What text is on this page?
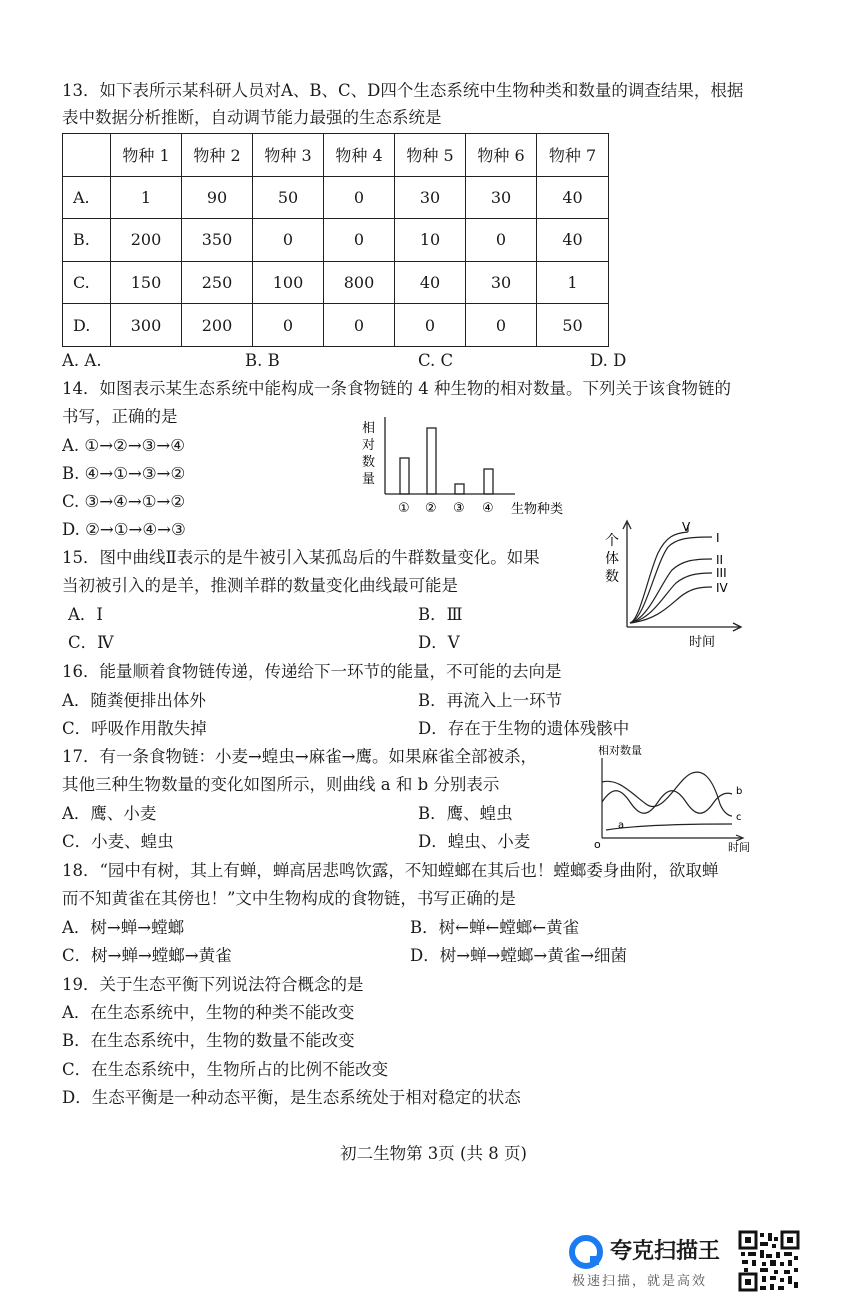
13．如下表所示某科研人员对A、B、C、D四个生态系统中生物种类和数量的调查结果，根据
表中数据分析推断，自动调节能力最强的生态系统是
	物种 1	物种 2	物种 3	物种 4	物种 5	物种 6	物种 7
A.	1	90	50	0	30	30	40
B.	200	350	0	0	10	0	40
C.	150	250	100	800	40	30	1
D.	300	200	0	0	0	0	50
A. A.	B. B	C. C	D. D
14．如图表示某生态系统中能构成一条食物链的 4 种生物的相对数量。下列关于该食物链的
书写，正确的是
A. ①→②→③→④
B. ④→①→③→②
C. ③→④→①→②
D. ②→①→④→③
相
对
数
量
① ② ③ ④ 生物种类
15．图中曲线Ⅱ表示的是牛被引入某孤岛后的牛群数量变化。如果
当初被引入的是羊，推测羊群的数量变化曲线最可能是
A．Ⅰ	B．Ⅲ
C．Ⅳ	D．Ⅴ
个
体
数
V
I
II
III
IV
时间
16．能量顺着食物链传递，传递给下一环节的能量，不可能的去向是
A．随粪便排出体外	B．再流入上一环节
C．呼吸作用散失掉	D．存在于生物的遗体残骸中
17．有一条食物链：小麦→蝗虫→麻雀→鹰。如果麻雀全部被杀，
其他三种生物数量的变化如图所示，则曲线 a 和 b 分别表示
A．鹰、小麦	B．鹰、蝗虫
C．小麦、蝗虫	D．蝗虫、小麦
相对数量
o
a
b
c
时间
18．“园中有树，其上有蝉，蝉高居悲鸣饮露，不知螳螂在其后也！螳螂委身曲附，欲取蝉
而不知黄雀在其傍也！”文中生物构成的食物链，书写正确的是
A．树→蝉→螳螂	B．树←蝉←螳螂←黄雀
C．树→蝉→螳螂→黄雀	D．树→蝉→螳螂→黄雀→细菌
19．关于生态平衡下列说法符合概念的是
A．在生态系统中，生物的种类不能改变
B．在生态系统中，生物的数量不能改变
C．在生态系统中，生物所占的比例不能改变
D．生态平衡是一种动态平衡，是生态系统处于相对稳定的状态
初二生物第 3页 (共 8 页)
夸克扫描王
极速扫描，就是高效
